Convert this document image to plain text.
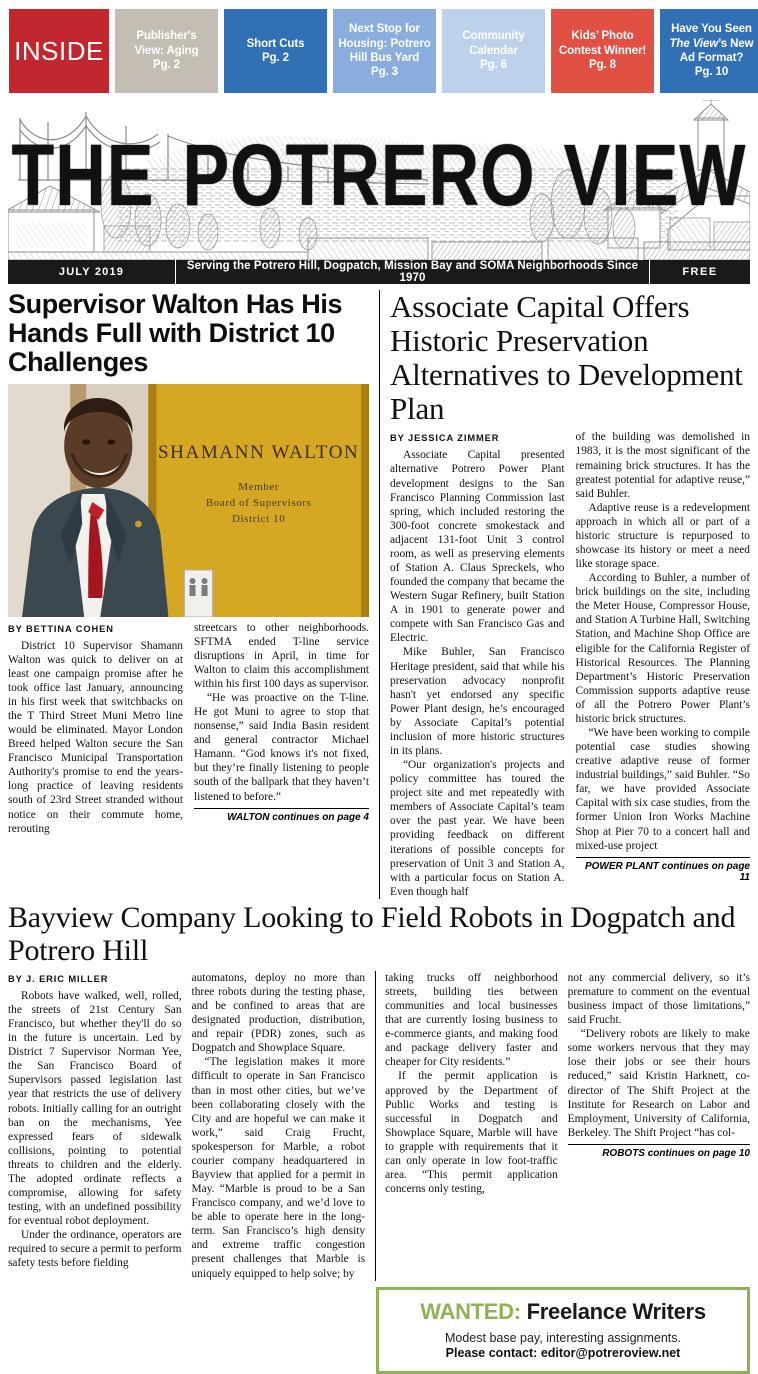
INSIDE	Publisher's
View: Aging
Pg. 2
Short Cuts
Pg. 2
Next Stop for
Housing: Potrero
Hill Bus Yard
Pg. 3
Community
Calendar
Pg. 6
Kids’ Photo
Contest Winner!
Pg. 8
Have You Seen
The View’s New
Ad Format?
Pg. 10
THE POTRERO VIEW
JULY 2019	Serving the Potrero Hill, Dogpatch, Mission Bay and SOMA Neighborhoods Since 1970	FREE
Supervisor Walton Has His Hands Full with District 10 Challenges
SHAMANN WALTON
Member
Board of Supervisors
District 10
BY BETTINA COHEN

District 10 Supervisor Shamann Walton was quick to deliver on at least one campaign promise after he took office last January, announcing in his first week that switchbacks on the T Third Street Muni Metro line would be eliminated. Mayor London Breed helped Walton secure the San Francisco Municipal Transportation Authority's promise to end the years-long practice of leaving residents south of 23rd Street stranded without notice on their commute home, rerouting

streetcars to other neighborhoods. SFTMA ended T-line service disruptions in April, in time for Walton to claim this accomplishment within his first 100 days as supervisor.

“He was proactive on the T-line. He got Muni to agree to stop that nonsense,” said India Basin resident and general contractor Michael Hamann. “God knows it's not fixed, but they’re finally listening to people south of the ballpark that they haven’t listened to before.”

WALTON continues on page 4
Associate Capital Offers Historic Preservation Alternatives to Development Plan
BY JESSICA ZIMMER

Associate Capital presented alternative Potrero Power Plant development designs to the San Francisco Planning Commission last spring, which included restoring the 300-foot concrete smokestack and adjacent 131-foot Unit 3 control room, as well as preserving elements of Station A. Claus Spreckels, who founded the company that became the Western Sugar Refinery, built Station A in 1901 to generate power and compete with San Francisco Gas and Electric.

Mike Buhler, San Francisco Heritage president, said that while his preservation advocacy nonprofit hasn't yet endorsed any specific Power Plant design, he’s encouraged by Associate Capital’s potential inclusion of more historic structures in its plans.

“Our organization's projects and policy committee has toured the project site and met repeatedly with members of Associate Capital’s team over the past year. We have been providing feedback on different iterations of possible concepts for preservation of Unit 3 and Station A, with a particular focus on Station A. Even though half

of the building was demolished in 1983, it is the most significant of the remaining brick structures. It has the greatest potential for adaptive reuse,” said Buhler.

Adaptive reuse is a redevelopment approach in which all or part of a historic structure is repurposed to showcase its history or meet a need like storage space.

According to Buhler, a number of brick buildings on the site, including the Meter House, Compressor House, and Station A Turbine Hall, Switching Station, and Machine Shop Office are eligible for the California Register of Historical Resources. The Planning Department’s Historic Preservation Commission supports adaptive reuse of all the Potrero Power Plant’s historic brick structures.

“We have been working to compile potential case studies showing creative adaptive reuse of former industrial buildings,” said Buhler. “So far, we have provided Associate Capital with six case studies, from the former Union Iron Works Machine Shop at Pier 70 to a concert hall and mixed-use project

POWER PLANT continues on page 11
Bayview Company Looking to Field Robots in Dogpatch and Potrero Hill
BY J. ERIC MILLER

Robots have walked, well, rolled, the streets of 21st Century San Francisco, but whether they'll do so in the future is uncertain. Led by District 7 Supervisor Norman Yee, the San Francisco Board of Supervisors passed legislation last year that restricts the use of delivery robots. Initially calling for an outright ban on the mechanisms, Yee expressed fears of sidewalk collisions, pointing to potential threats to children and the elderly. The adopted ordinate reflects a compromise, allowing for safety testing, with an undefined possibility for eventual robot deployment.

Under the ordinance, operators are required to secure a permit to perform safety tests before fielding

automatons, deploy no more than three robots during the testing phase, and be confined to areas that are designated production, distribution, and repair (PDR) zones, such as Dogpatch and Showplace Square.

“The legislation makes it more difficult to operate in San Francisco than in most other cities, but we’ve been collaborating closely with the City and are hopeful we can make it work,” said Craig Frucht, spokesperson for Marble, a robot courier company headquartered in Bayview that applied for a permit in May. “Marble is proud to be a San Francisco company, and we’d love to be able to operate here in the long-term. San Francisco’s high density and extreme traffic congestion present challenges that Marble is uniquely equipped to help solve; by

taking trucks off neighborhood streets, building ties between communities and local businesses that are currently losing business to e-commerce giants, and making food and package delivery faster and cheaper for City residents.”

If the permit application is approved by the Department of Public Works and testing is successful in Dogpatch and Showplace Square, Marble will have to grapple with requirements that it can only operate in low foot-traffic area. “This permit application concerns only testing,

not any commercial delivery, so it’s premature to comment on the eventual business impact of those limitations,” said Frucht.

“Delivery robots are likely to make some workers nervous that they may lose their jobs or see their hours reduced,” said Kristin Harknett, co-director of The Shift Project at the Institute for Research on Labor and Employment, University of California, Berkeley. The Shift Project “has col-

ROBOTS continues on page 10
WANTED: Freelance Writers
Modest base pay, interesting assignments.
Please contact: editor@potreroview.net
